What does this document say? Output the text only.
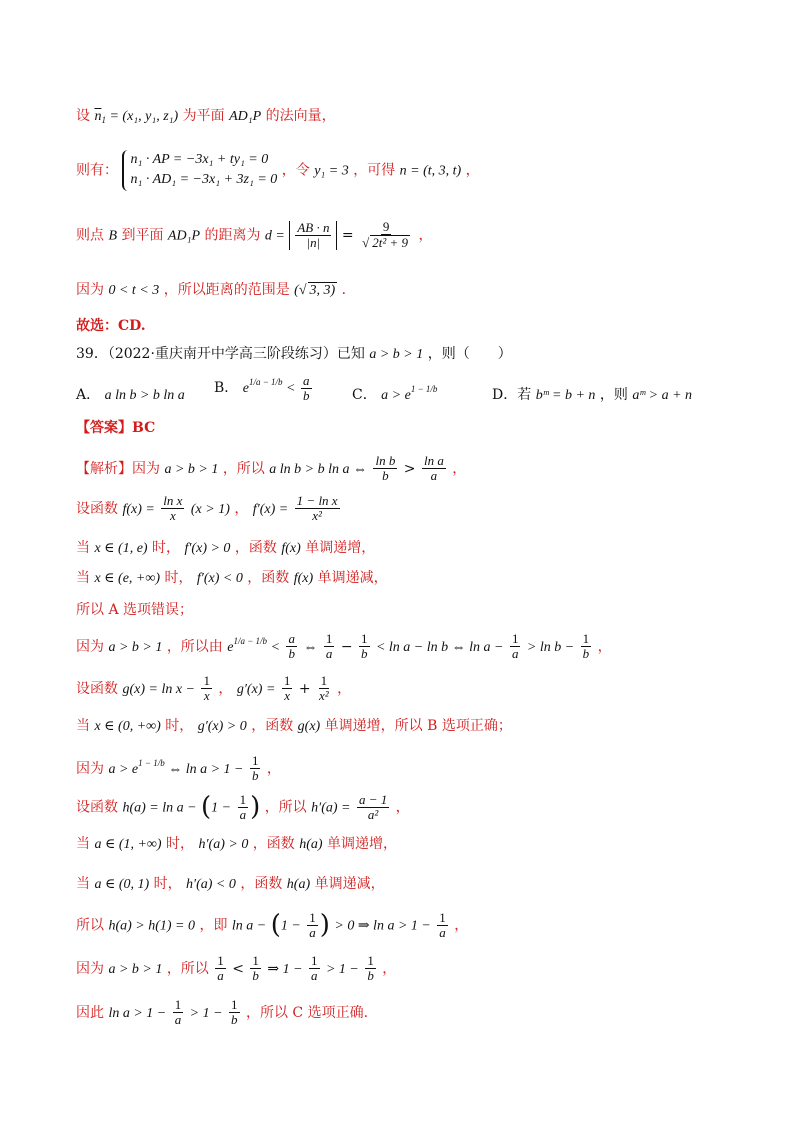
设 $\overline{n}_1 = (x_1$, y₁, z₁) 为平面 AD₁P 的法向量，
则有： n₁ · AP = −3x₁ + ty₁ = 0
n₁ · AD₁ = −3x₁ + 3z₁ = 0 ，令 y₁ = 3 ，可得 n = (t, 3, t) ，
则点 B 到平面 AD₁P 的距离为 $d = \frac{AB \cdot n}{|n|} = \frac{9}{\text{√ 2t² + 9}}$ ，
因为 0 < t < 3 ，所以距离的范围是 (√ 3, 3) ．
故选：CD.
39．（2022·重庆南开中学高三阶段练习）已知 a > b > 1 ，则（　　）
A． a ln b > b ln a B． $e^{1/a - 1/b} < \frac{a}{b}$	C． $a > e^{1 - 1/b}$	D．若 bᵐ = b + n ，则 aᵐ > a + n
【答案】BC
【解析】因为 a > b > 1 ，所以 a ln b > b ln a ⇔ $\frac{\text{ln b}}{b} > \frac{\text{ln a}}{a}$ ，
设函数 $f(x) = \frac{\text{ln x}}{x} (x > 1)$ ， $f'(x) = \frac{\text{1 − ln x}}{\text{x²}}$
当 x ∈ (1, e) 时， f′(x) > 0 ，函数 f(x) 单调递增，
当 x ∈ (e, +∞) 时， f′(x) < 0 ，函数 f(x) 单调递减，
所以 A 选项错误；
因为 a > b > 1 ，所以由 $e^{1/a - 1/b} < \frac{a}{b}$ ⇔ $\frac{1}{a} - \frac{1}{b} < \ln a - \ln b$ ⇔ $\ln a - \frac{1}{a} > \ln b - \frac{1}{b}$ ，
设函数 $g(x) = \ln x - \frac{1}{x}$ ， $g'(x) = \frac{1}{x} + \frac{1}{\text{x²}}$ ，
当 x ∈ (0, +∞) 时， g′(x) > 0 ，函数 g(x) 单调递增，所以 B 选项正确；
因为 $a > e^{1 - 1/b}$ ⇔ $\ln a > 1 - \frac{1}{b}$ ，
设函数 $h(a) = \ln a - (1 - \frac{1}{a}$ ) ，所以 $h'(a) = \frac{a - 1}{\text{a²}}$ ，
当 a ∈ (1, +∞) 时， h′(a) > 0 ，函数 h(a) 单调递增，
当 a ∈ (0, 1) 时， h′(a) < 0 ，函数 h(a) 单调递减，
所以 h(a) > h(1) = 0 ，即 $\ln a - (1 - \frac{1}{a}$ ) > 0 ⇒ $\ln a > 1 - \frac{1}{a}$ ，
因为 a > b > 1 ，所以 $\frac{1}{a} < \frac{1}{b}$ ⇒ $1 - \frac{1}{a} > 1 - \frac{1}{b}$ ，
因此 $\ln a > 1 - \frac{1}{a} > 1 - \frac{1}{b}$ ，所以 C 选项正确.
